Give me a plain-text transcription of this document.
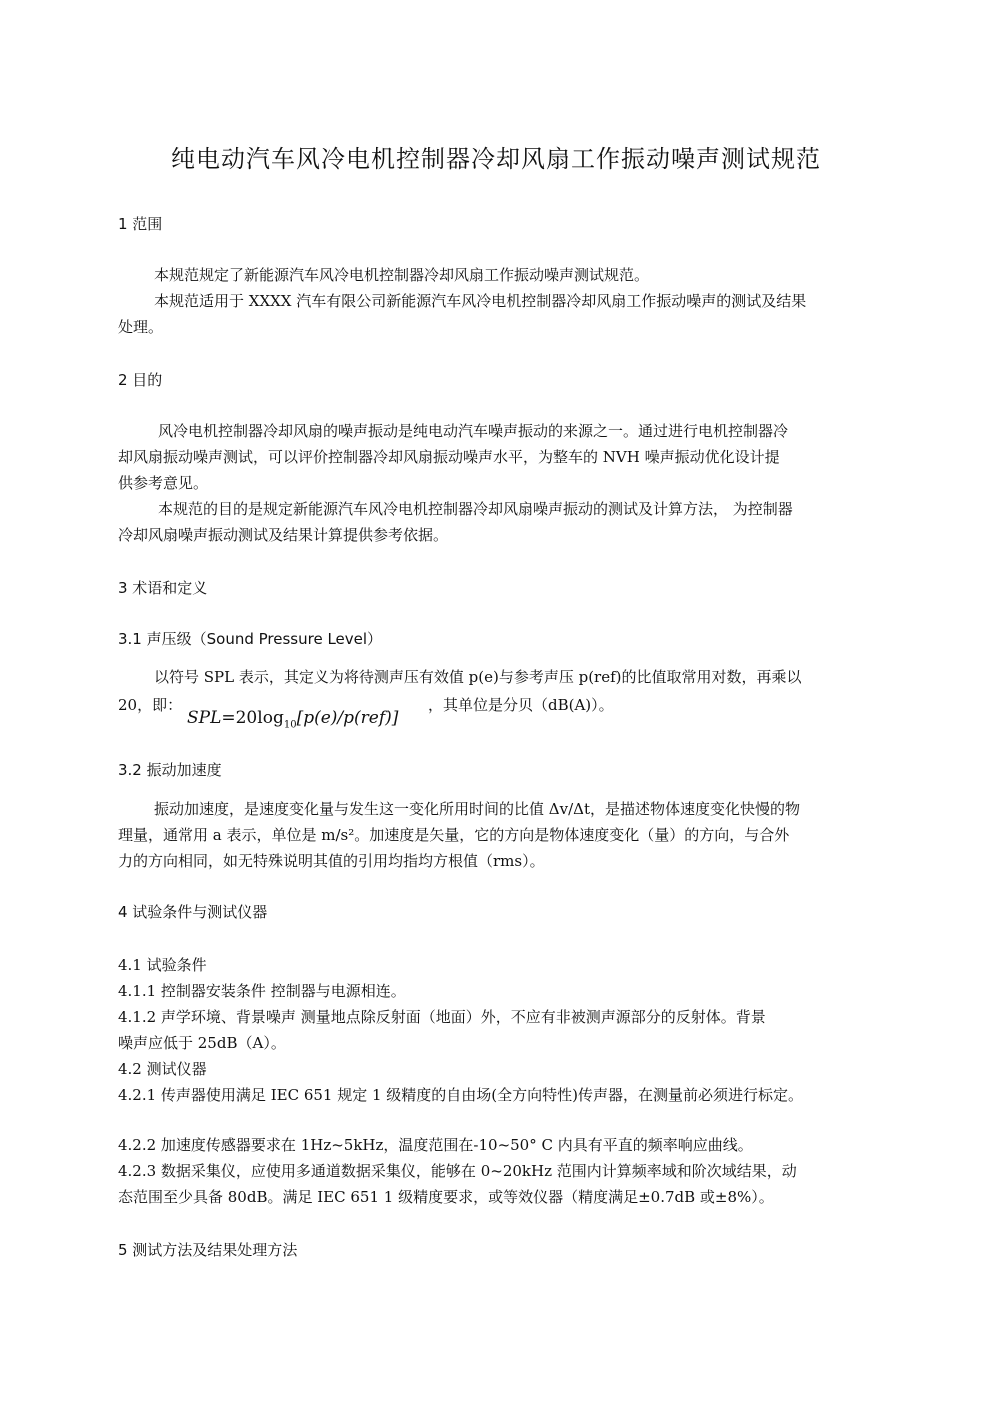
纯电动汽车风冷电机控制器冷却风扇工作振动噪声测试规范
1 范围
本规范规定了新能源汽车风冷电机控制器冷却风扇工作振动噪声测试规范。
本规范适用于 XXXX 汽车有限公司新能源汽车风冷电机控制器冷却风扇工作振动噪声的测试及结果
处理。
2 目的
风冷电机控制器冷却风扇的噪声振动是纯电动汽车噪声振动的来源之一。通过进行电机控制器冷
却风扇振动噪声测试，可以评价控制器冷却风扇振动噪声水平，为整车的 NVH 噪声振动优化设计提
供参考意见。
本规范的目的是规定新能源汽车风冷电机控制器冷却风扇噪声振动的测试及计算方法， 为控制器
冷却风扇噪声振动测试及结果计算提供参考依据。
3 术语和定义
3.1 声压级（Sound Pressure Level）
以符号 SPL 表示，其定义为将待测声压有效值 p(e)与参考声压 p(ref)的比值取常用对数，再乘以
20，即：
$SPL=20\log_{10}[p(e)/p(ref)]$
，其单位是分贝（dB(A)）。
3.2 振动加速度
振动加速度，是速度变化量与发生这一变化所用时间的比值 Δv/Δt，是描述物体速度变化快慢的物
理量，通常用 a 表示，单位是 m/s²。加速度是矢量，它的方向是物体速度变化（量）的方向，与合外
力的方向相同，如无特殊说明其值的引用均指均方根值（rms）。
4 试验条件与测试仪器
4.1 试验条件
4.1.1 控制器安装条件 控制器与电源相连。
4.1.2 声学环境、背景噪声 测量地点除反射面（地面）外，不应有非被测声源部分的反射体。背景
噪声应低于 25dB（A）。
4.2 测试仪器
4.2.1 传声器使用满足 IEC 651 规定 1 级精度的自由场(全方向特性)传声器，在测量前必须进行标定。
4.2.2 加速度传感器要求在 1Hz~5kHz，温度范围在-10~50° C 内具有平直的频率响应曲线。
4.2.3 数据采集仪，应使用多通道数据采集仪，能够在 0~20kHz 范围内计算频率域和阶次域结果，动
态范围至少具备 80dB。满足 IEC 651 1 级精度要求，或等效仪器（精度满足±0.7dB 或±8%）。
5 测试方法及结果处理方法
